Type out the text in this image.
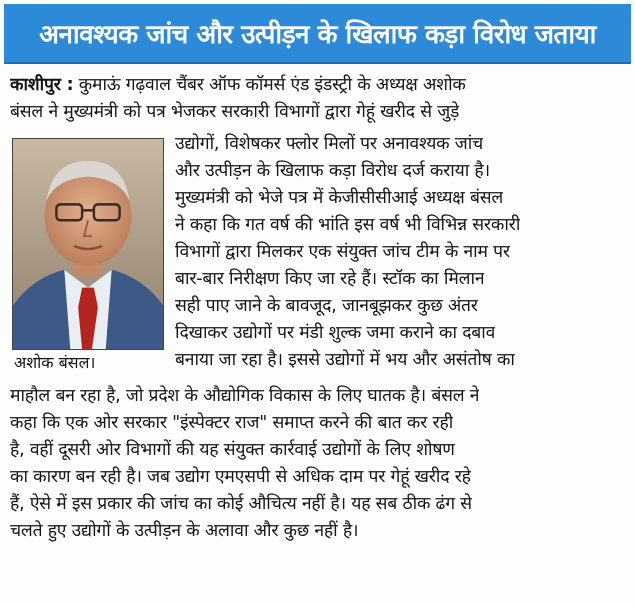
अनावश्यक जांच और उत्पीड़न के खिलाफ कड़ा विरोध जताया
काशीपुर : कुमाऊं गढ़वाल चैंबर ऑफ कॉमर्स एंड इंडस्ट्री के अध्यक्ष अशोक
बंसल ने मुख्यमंत्री को पत्र भेजकर सरकारी विभागों द्वारा गेहूं खरीद से जुड़े
उद्योगों, विशेषकर फ्लोर मिलों पर अनावश्यक जांच
और उत्पीड़न के खिलाफ कड़ा विरोध दर्ज कराया है।
मुख्यमंत्री को भेजे पत्र में केजीसीसीआई अध्यक्ष बंसल
ने कहा कि गत वर्ष की भांति इस वर्ष भी विभिन्न सरकारी
विभागों द्वारा मिलकर एक संयुक्त जांच टीम के नाम पर
बार-बार निरीक्षण किए जा रहे हैं। स्टॉक का मिलान
सही पाए जाने के बावजूद, जानबूझकर कुछ अंतर
दिखाकर उद्योगों पर मंडी शुल्क जमा कराने का दबाव
बनाया जा रहा है। इससे उद्योगों में भय और असंतोष का
माहौल बन रहा है, जो प्रदेश के औद्योगिक विकास के लिए घातक है। बंसल ने
कहा कि एक ओर सरकार "इंस्पेक्टर राज" समाप्त करने की बात कर रही
है, वहीं दूसरी ओर विभागों की यह संयुक्त कार्रवाई उद्योगों के लिए शोषण
का कारण बन रही है। जब उद्योग एमएसपी से अधिक दाम पर गेहूं खरीद रहे
हैं, ऐसे में इस प्रकार की जांच का कोई औचित्य नहीं है। यह सब ठीक ढंग से
चलते हुए उद्योगों के उत्पीड़न के अलावा और कुछ नहीं है।
अशोक बंसल।
